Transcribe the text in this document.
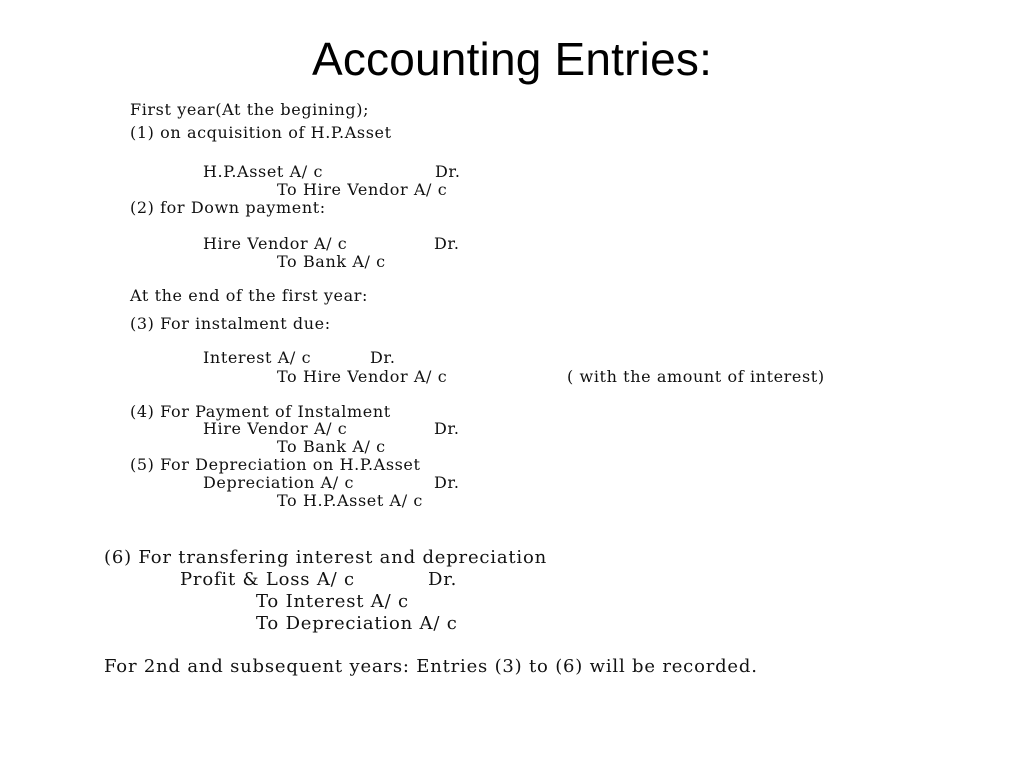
Accounting Entries:
First year(At the begining);
(1) on acquisition of H.P.Asset
H.P.Asset A/ c	Dr.
To Hire Vendor A/ c
(2) for Down payment:
Hire Vendor A/ c	Dr.
To Bank A/ c
At the end of the first year:
(3) For instalment due:
Interest A/ c	Dr.
To Hire Vendor A/ c	( with the amount of interest)
(4) For Payment of Instalment
Hire Vendor A/ c	Dr.
To Bank A/ c
(5) For Depreciation on H.P.Asset
Depreciation A/ c	Dr.
To H.P.Asset A/ c
(6) For transfering interest and depreciation
Profit & Loss A/ c	Dr.
To Interest A/ c
To Depreciation A/ c
For 2nd and subsequent years: Entries (3) to (6) will be recorded.
